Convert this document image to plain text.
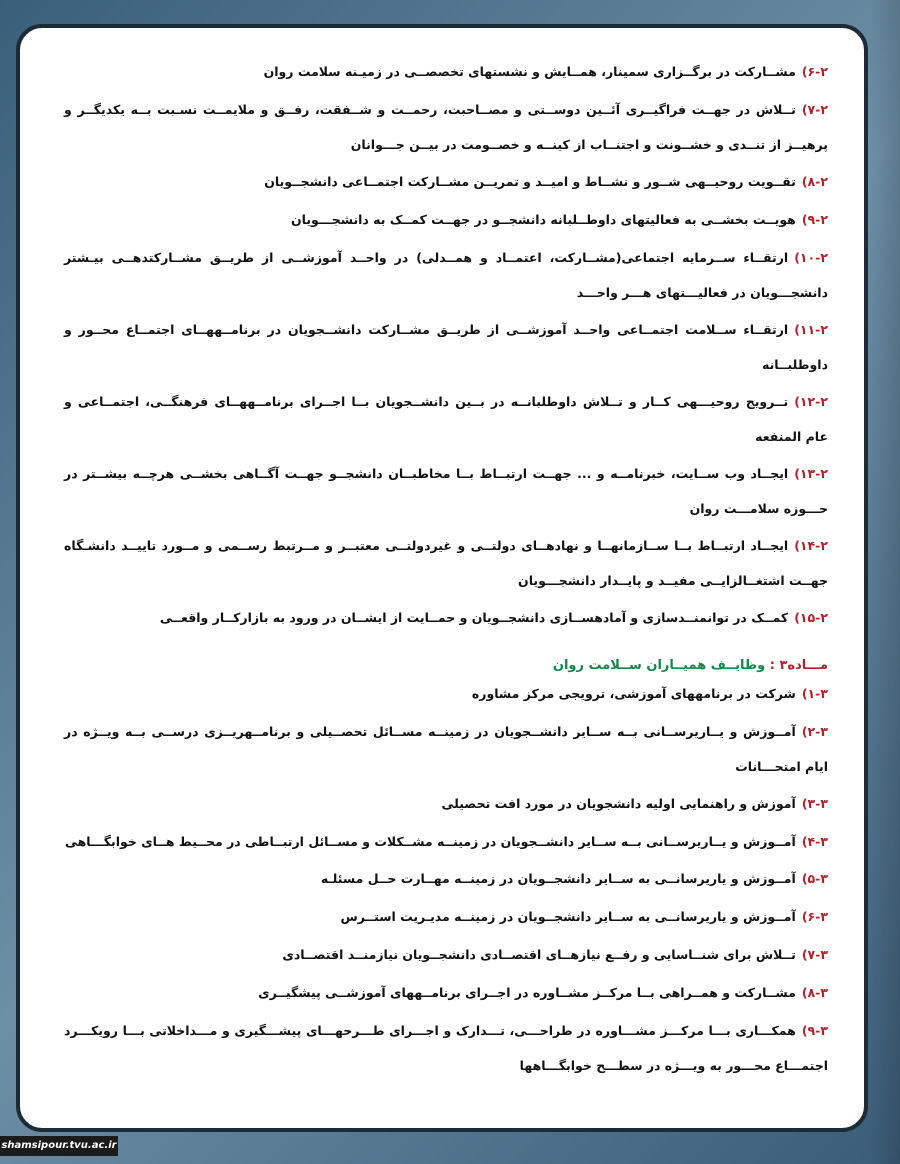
۶-۲)مشــارکت در برگــزاری سمینار، همــایش و نشستهای تخصصــی در زمیـنه سلامت روان
۷-۲)تــلاش در جهــت فراگیــری آئــین دوســتی و مصــاحبت، رحمــت و شــفقت، رفــق و ملایمــت نسـبت بــه یکدیگــر و پرهیــز از تنــدی و خشــونت و اجتنــاب از کینــه و خصــومت در بیــن جـــوانان
۸-۲)تقــویت روحیــهی شــور و نشــاط و امیــد و تمریــن مشــارکت اجتمــاعی دانشجــویان
۹-۲)هویــت بخشــی به فعالیتهای داوطــلبانه دانشجــو در جهــت کمــک به دانشجـــویان
۱۰-۲)ارتقــاء ســرمایه اجتماعی(مشــارکت، اعتمــاد و همــدلی) در واحــد آموزشــی از طریــق مشــارکتدهــی بیـشتر دانشجـــویان در فعالیـــتهای هـــر واحـــد
۱۱-۲)ارتقــاء ســلامت اجتمــاعی واحــد آموزشــی از طریــق مشــارکت دانشــجویان در برنامــههــای اجتمــاع محــور و داوطلبــانه
۱۲-۲)تــرویج روحیـــهی کــار و تــلاش داوطلبانــه در بــین دانشــجویان بــا اجــرای برنامــههــای فرهنگــی، اجتمــاعی و عام المنفعه
۱۳-۲)ایجــاد وب ســایت، خبرنامــه و ... جهــت ارتبــاط بــا مخاطبــان دانشجــو جهــت آگــاهی بخشــی هرچــه بیشــتر در حـــوزه سلامـــت روان
۱۴-۲)ایجــاد ارتبــاط بــا ســازمانهــا و نهادهــای دولتــی و غیردولتــی معتبــر و مــرتبط رســمی و مــورد تاییــد دانشـگاه جهــت اشتغــالزایــی مفیــد و پایــدار دانشجـــویان
۱۵-۲)کمــک در توانمنــدسازی و آمادهســازی دانشجــویان و حمــایت از ایشــان در ورود به بازارکــار واقعــی
مـــاده۳ : وظایــف همیــاران ســلامت روان
۱-۳)شرکت در برنامههای آموزشی، ترویجی مرکز مشاوره
۲-۳)آمــوزش و یــاریرســانی بــه ســایر دانشــجویان در زمینــه مســائل تحصــیلی و برنامــهریــزی درســی بــه ویــژه در ایام امتحـــانات
۳-۳)آموزش و راهنمایی اولیه دانشجویان در مورد افت تحصیلی
۴-۳)آمــوزش و یــاریرســانی بــه ســایر دانشــجویان در زمینــه مشــکلات و مســائل ارتبــاطی در محــیط هــای خوابگـــاهی
۵-۳)آمــوزش و یاریرسانــی به ســایر دانشجــویان در زمینــه مهــارت حــل مسئلـه
۶-۳)آمــوزش و یاریرسانــی به ســایر دانشجــویان در زمینــه مدیـریت استــرس
۷-۳)تــلاش برای شنــاسایی و رفــع نیازهــای اقتصــادی دانشجــویان نیازمنــد اقتصــادی
۸-۳)مشــارکت و همــراهی بــا مرکــز مشــاوره در اجــرای برنامــههای آموزشــی پیشگیــری
۹-۳)همکـــاری بـــا مرکـــز مشـــاوره در طراحـــی، تـــدارک و اجـــرای طـــرحهـــای پیشـــگیری و مـــداخلاتی بـــا رویکـــرد اجتمـــاع محـــور به ویـــژه در سطـــح خوابگـــاهها
shamsipour.tvu.ac.ir
